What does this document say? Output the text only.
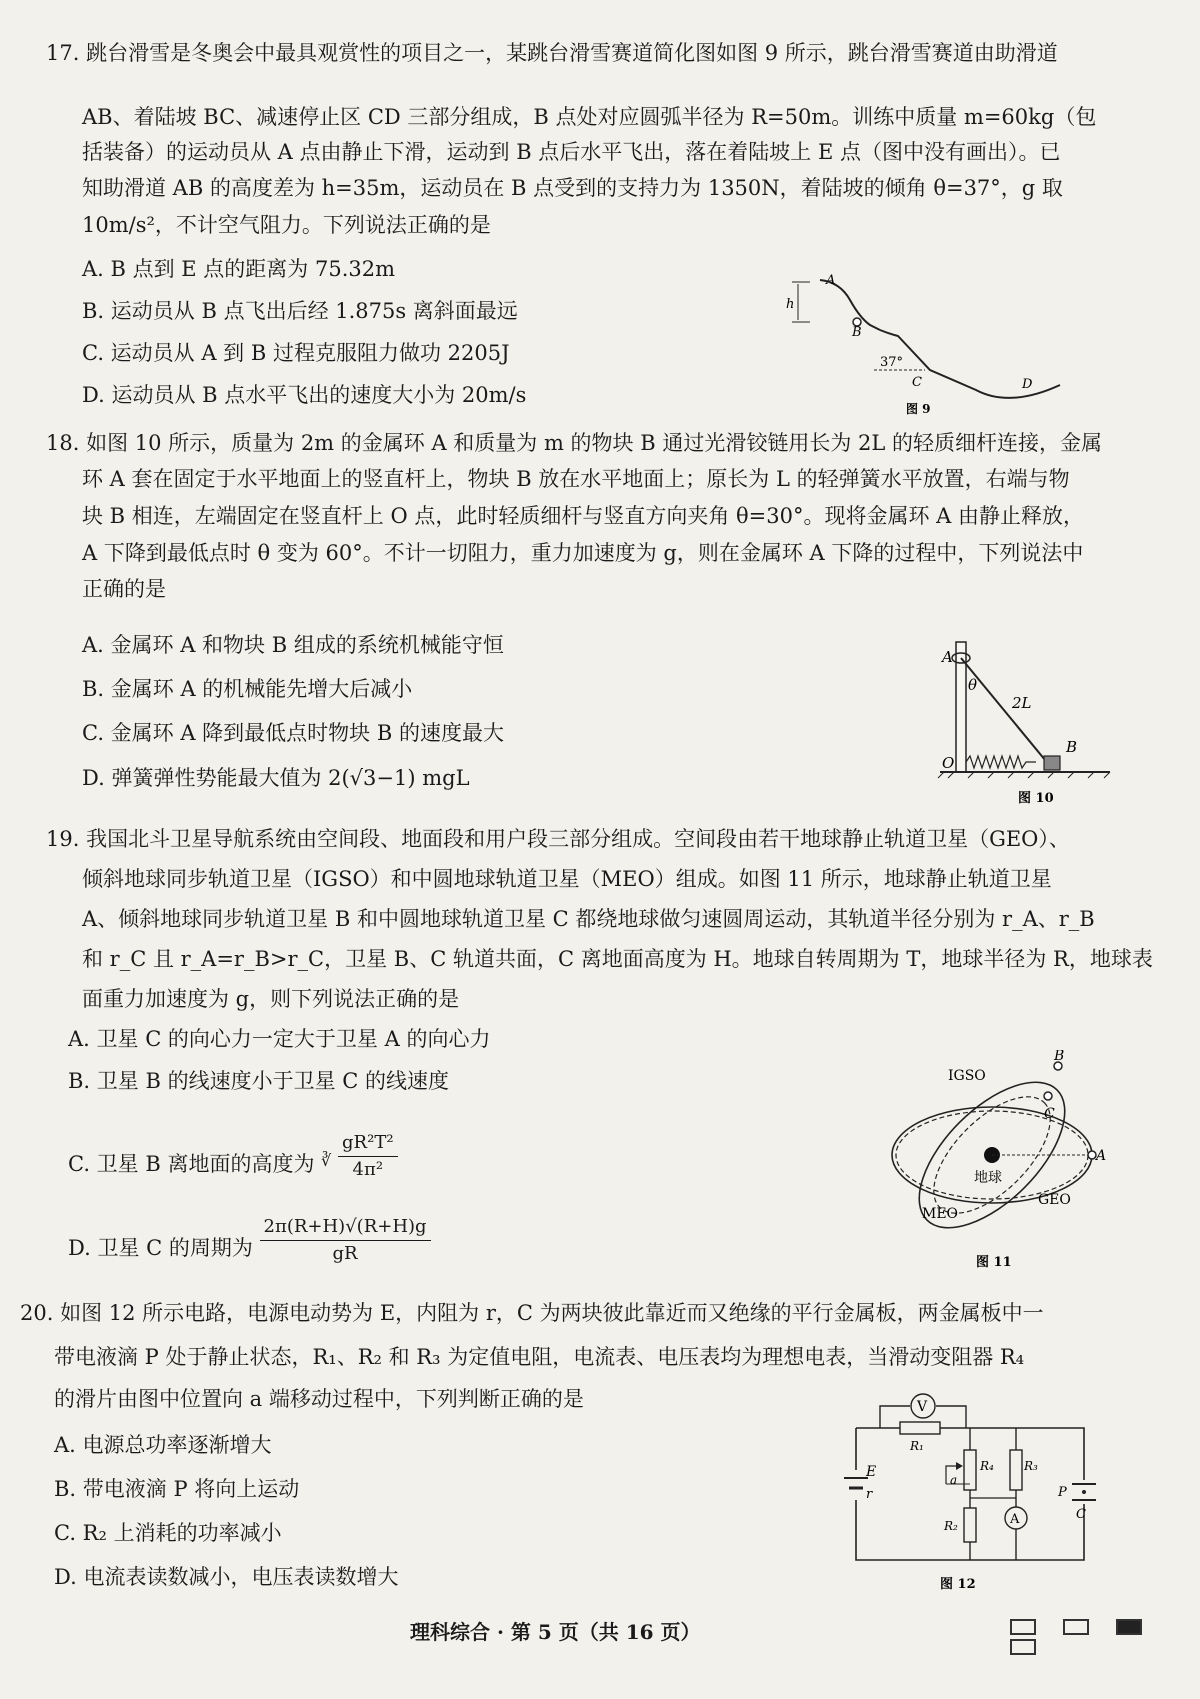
17. 跳台滑雪是冬奥会中最具观赏性的项目之一，某跳台滑雪赛道简化图如图 9 所示，跳台滑雪赛道由助滑道
AB、着陆坡 BC、减速停止区 CD 三部分组成，B 点处对应圆弧半径为 R=50m。训练中质量 m=60kg（包
括装备）的运动员从 A 点由静止下滑，运动到 B 点后水平飞出，落在着陆坡上 E 点（图中没有画出）。已
知助滑道 AB 的高度差为 h=35m，运动员在 B 点受到的支持力为 1350N，着陆坡的倾角 θ=37°，g 取
10m/s²，不计空气阻力。下列说法正确的是
A. B 点到 E 点的距离为 75.32m
B. 运动员从 B 点飞出后经 1.875s 离斜面最远
C. 运动员从 A 到 B 过程克服阻力做功 2205J
D. 运动员从 B 点水平飞出的速度大小为 20m/s
A
h
B
37°
C	D
图 9
18. 如图 10 所示，质量为 2m 的金属环 A 和质量为 m 的物块 B 通过光滑铰链用长为 2L 的轻质细杆连接，金属
环 A 套在固定于水平地面上的竖直杆上，物块 B 放在水平地面上；原长为 L 的轻弹簧水平放置，右端与物
块 B 相连，左端固定在竖直杆上 O 点，此时轻质细杆与竖直方向夹角 θ=30°。现将金属环 A 由静止释放，
A 下降到最低点时 θ 变为 60°。不计一切阻力，重力加速度为 g，则在金属环 A 下降的过程中，下列说法中
正确的是
A. 金属环 A 和物块 B 组成的系统机械能守恒
B. 金属环 A 的机械能先增大后减小
C. 金属环 A 降到最低点时物块 B 的速度最大
D. 弹簧弹性势能最大值为 2(√3−1) mgL
A
θ
2L
O
B
图 10
19. 我国北斗卫星导航系统由空间段、地面段和用户段三部分组成。空间段由若干地球静止轨道卫星（GEO）、
倾斜地球同步轨道卫星（IGSO）和中圆地球轨道卫星（MEO）组成。如图 11 所示，地球静止轨道卫星
A、倾斜地球同步轨道卫星 B 和中圆地球轨道卫星 C 都绕地球做匀速圆周运动，其轨道半径分别为 r_A、r_B
和 r_C 且 r_A=r_B>r_C，卫星 B、C 轨道共面，C 离地面高度为 H。地球自转周期为 T，地球半径为 R，地球表
面重力加速度为 g，则下列说法正确的是
A. 卫星 C 的向心力一定大于卫星 A 的向心力
B. 卫星 B 的线速度小于卫星 C 的线速度
C. 卫星 B 离地面的高度为 $^∛ \frac{\text{gR²T²}}{\text{4π²}}$
D. 卫星 C 的周期为 $\frac{2\pi(R+H)√(R+H)g}{gR}$
IGSO
B
C
地球
A
MEO
GEO
图 11
20. 如图 12 所示电路，电源电动势为 E，内阻为 r，C 为两块彼此靠近而又绝缘的平行金属板，两金属板中一
带电液滴 P 处于静止状态，R₁、R₂ 和 R₃ 为定值电阻，电流表、电压表均为理想电表，当滑动变阻器 R₄
的滑片由图中位置向 a 端移动过程中，下列判断正确的是
A. 电源总功率逐渐增大
B. 带电液滴 P 将向上运动
C. R₂ 上消耗的功率减小
D. 电流表读数减小，电压表读数增大
V
R₁
E
r
R₄
a
R₂
R₃
A
P
C
图 12
理科综合 · 第 5 页（共 16 页）
